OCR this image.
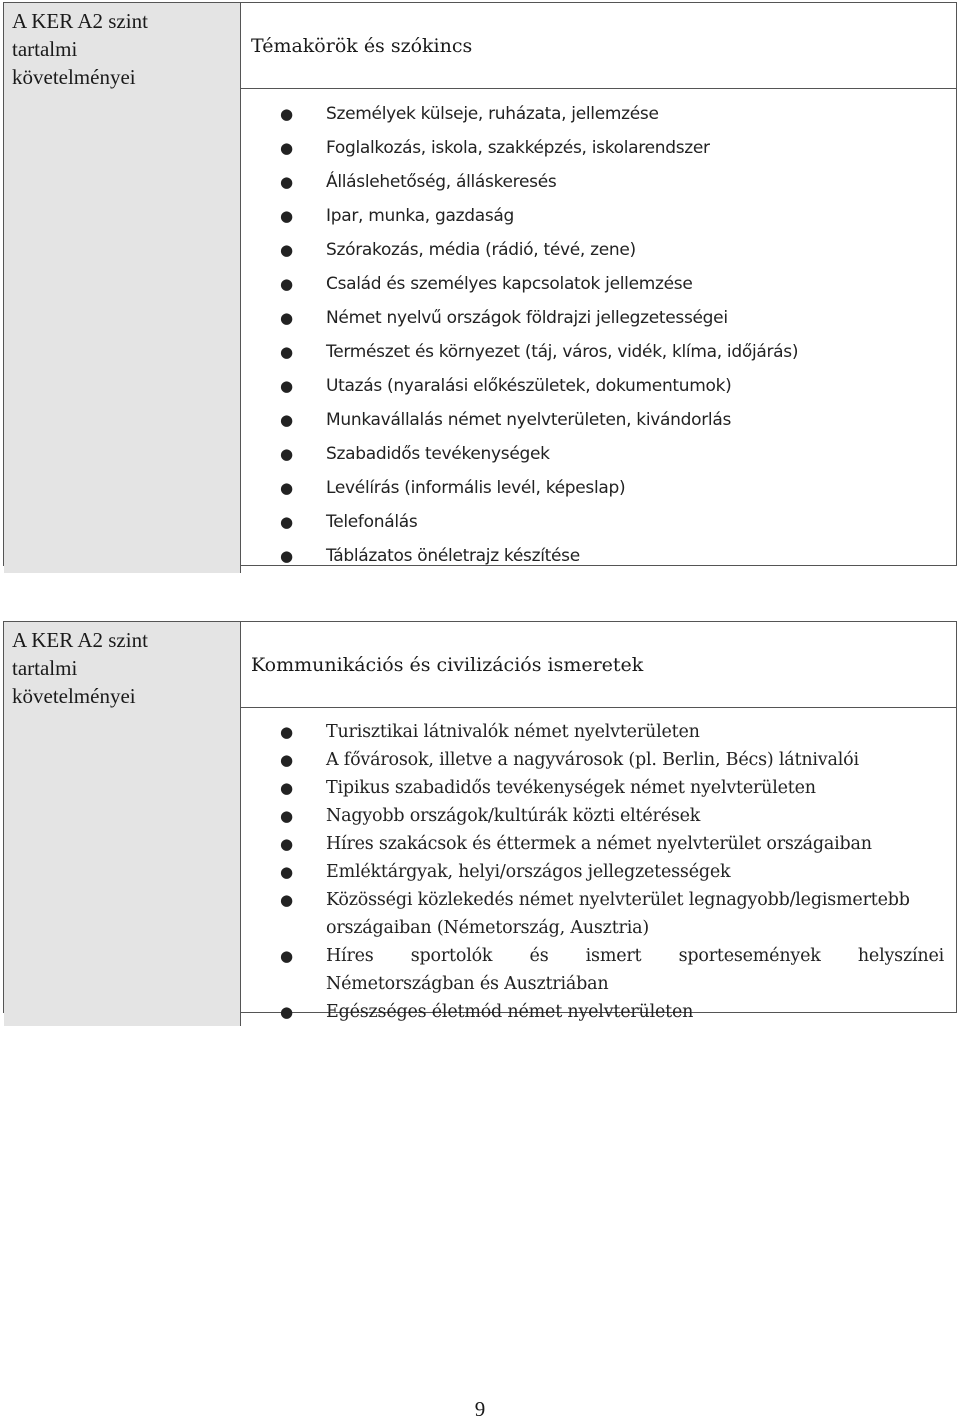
A KER A2 szint
tartalmi
követelményei
Témakörök és szókincs
● Személyek külseje, ruházata, jellemzése
● Foglalkozás, iskola, szakképzés, iskolarendszer
● Álláslehetőség, álláskeresés
● Ipar, munka, gazdaság
● Szórakozás, média (rádió, tévé, zene)
● Család és személyes kapcsolatok jellemzése
● Német nyelvű országok földrajzi jellegzetességei
● Természet és környezet (táj, város, vidék, klíma, időjárás)
● Utazás (nyaralási előkészületek, dokumentumok)
● Munkavállalás német nyelvterületen, kivándorlás
● Szabadidős tevékenységek
● Levélírás (informális levél, képeslap)
● Telefonálás
● Táblázatos önéletrajz készítése
A KER A2 szint
tartalmi
követelményei
Kommunikációs és civilizációs ismeretek
● Turisztikai látnivalók német nyelvterületen
● A fővárosok, illetve a nagyvárosok (pl. Berlin, Bécs) látnivalói
● Tipikus szabadidős tevékenységek német nyelvterületen
● Nagyobb országok/kultúrák közti eltérések
● Híres szakácsok és éttermek a német nyelvterület országaiban
● Emléktárgyak, helyi/országos jellegzetességek
● Közösségi közlekedés német nyelvterület legnagyobb/legismertebb
országaiban (Németország, Ausztria)
● Híres sportolók és ismert sportesemények helyszínei
Németországban és Ausztriában
● Egészséges életmód német nyelvterületen
9
